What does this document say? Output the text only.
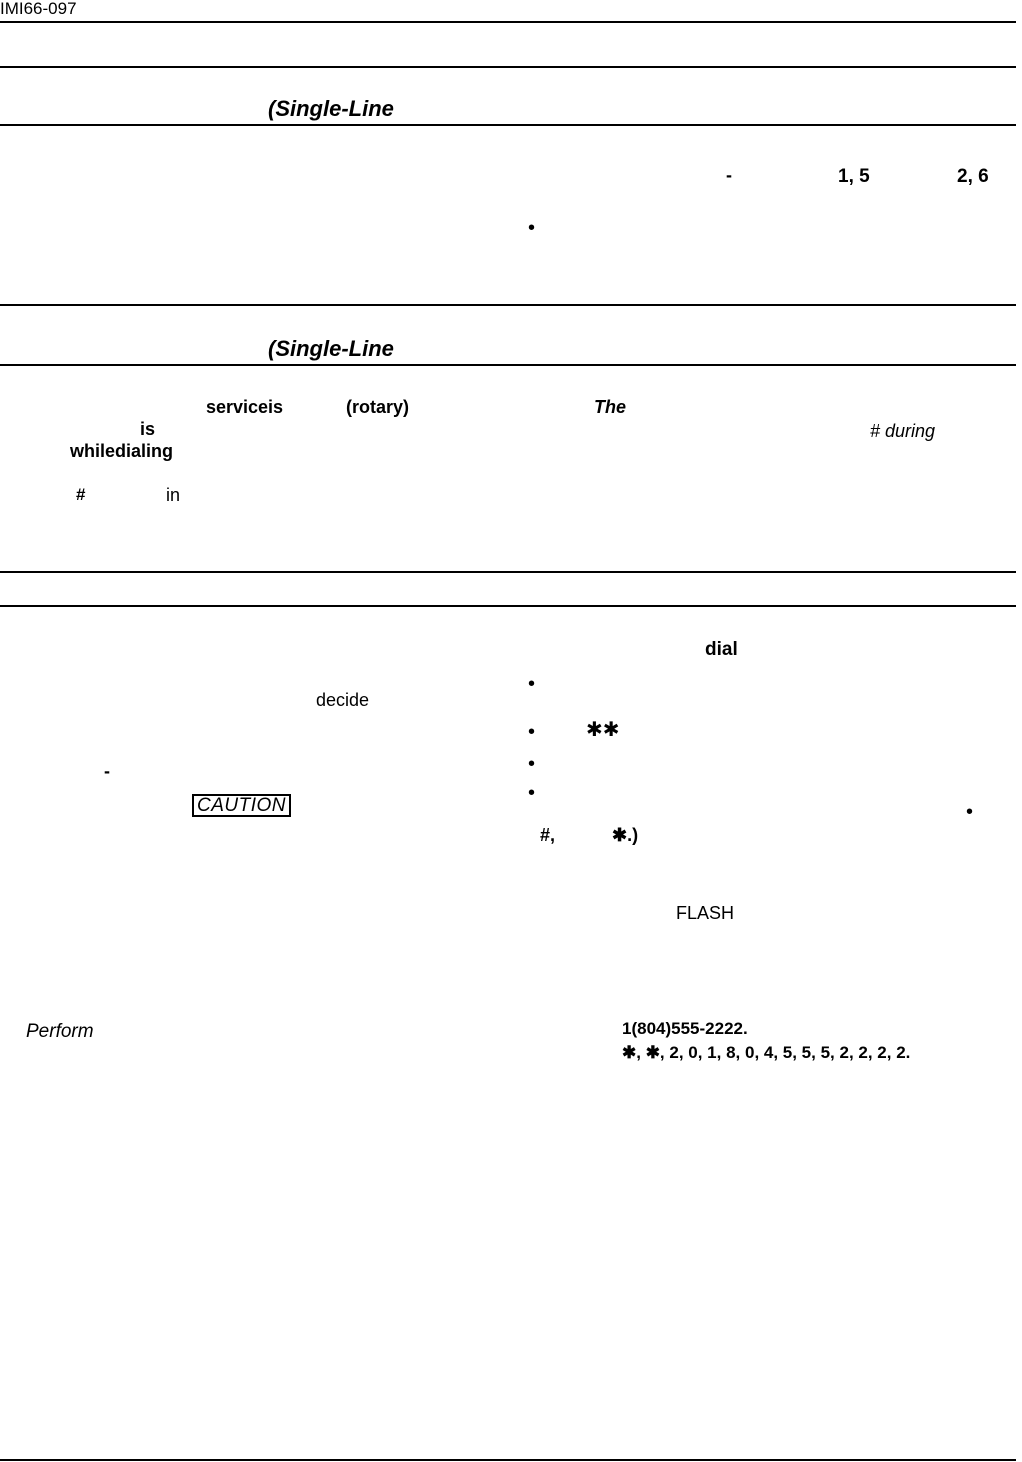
IMI66-097
(Single-Line
-	1, 5	2, 6
•
(Single-Line
serviceis	(rotary)	The
is	# during
whiledialing
#	in
dial
•
decide
•	✱✱
•
-
•
CAUTION	•
#,	✱.)
FLASH
Perform	1(804)555-2222.
✱, ✱, 2, 0, 1, 8, 0, 4, 5, 5, 5, 2, 2, 2, 2.
